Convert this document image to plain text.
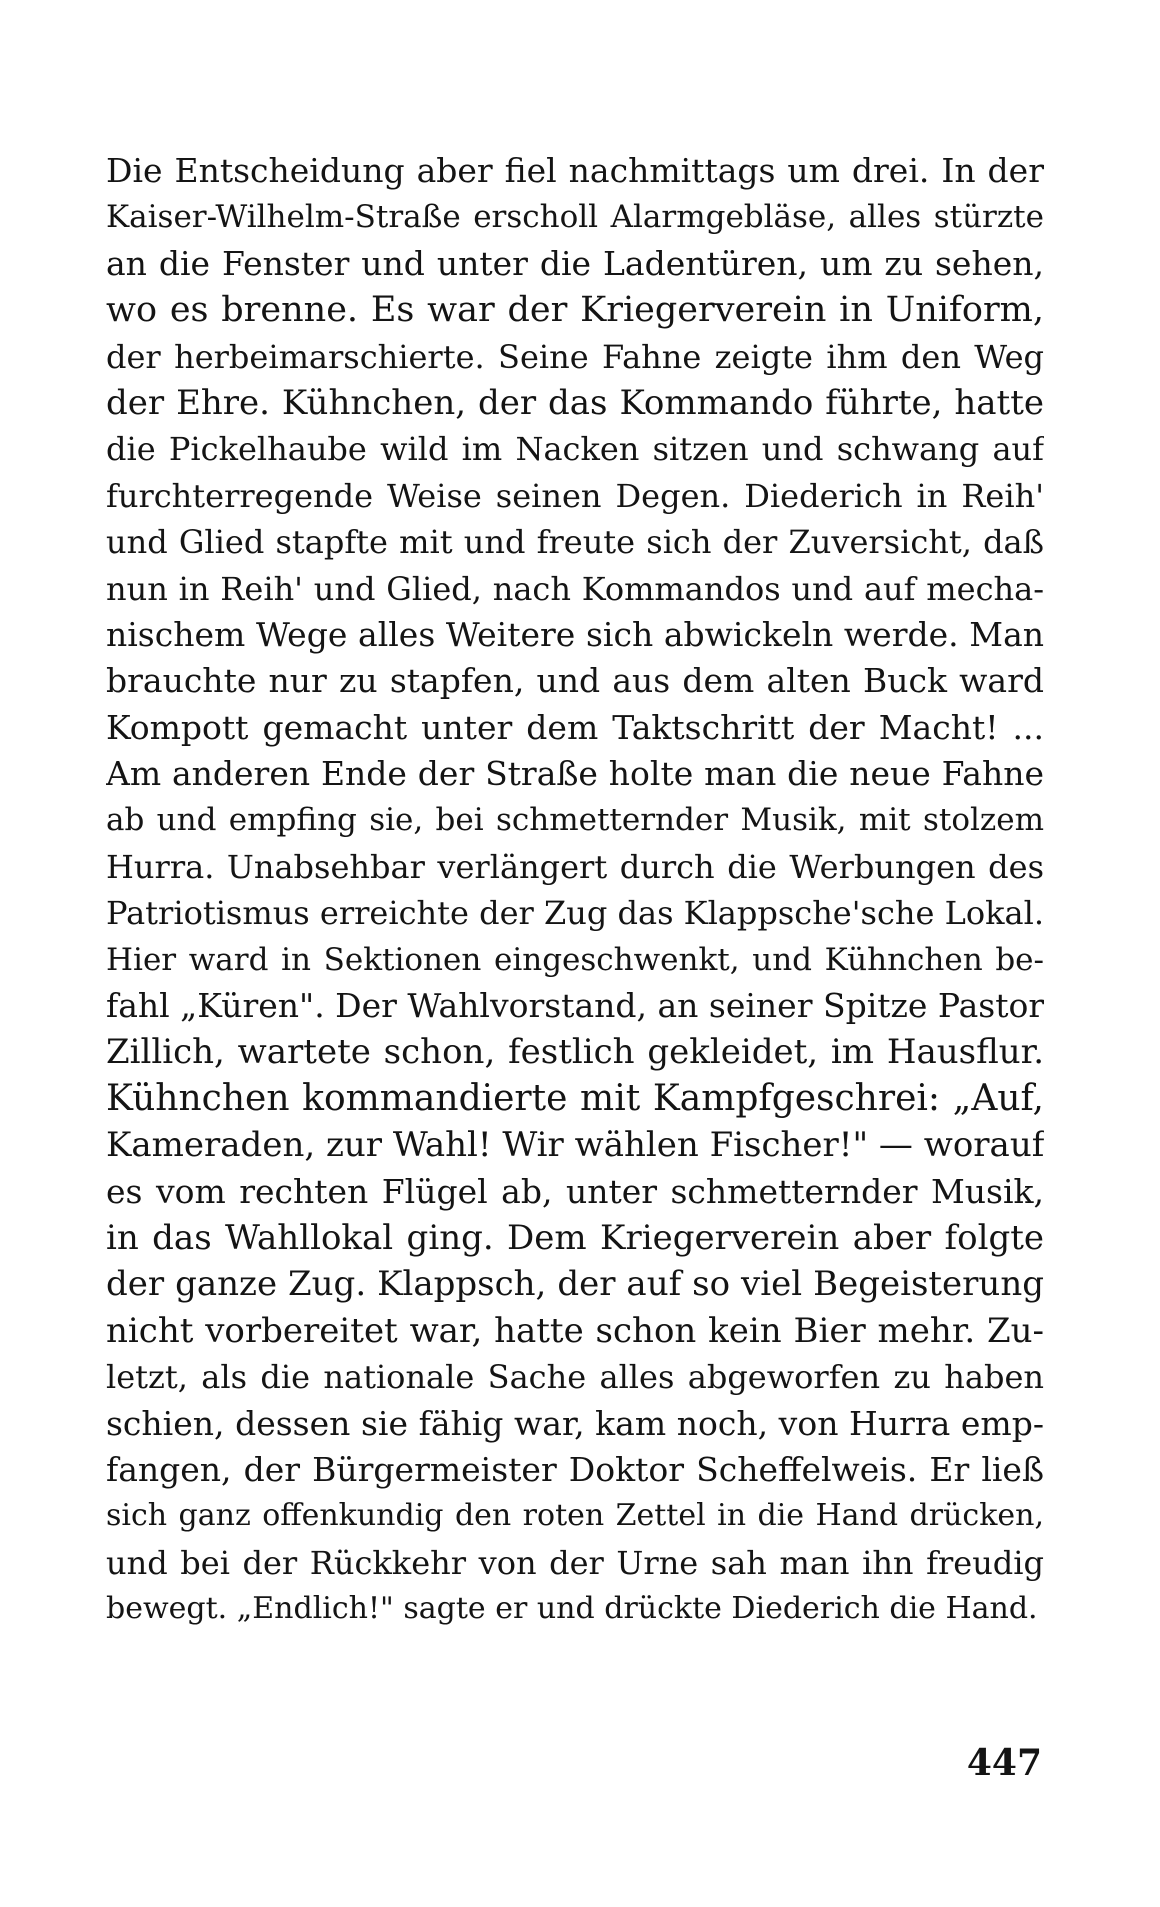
Die Entscheidung aber fiel nachmittags um drei. In der
Kaiser-Wilhelm-Straße erscholl Alarmgebläse, alles stürzte
an die Fenster und unter die Ladentüren, um zu sehen,
wo es brenne. Es war der Kriegerverein in Uniform,
der herbeimarschierte. Seine Fahne zeigte ihm den Weg
der Ehre. Kühnchen, der das Kommando führte, hatte
die Pickelhaube wild im Nacken sitzen und schwang auf
furchterregende Weise seinen Degen. Diederich in Reih'
und Glied stapfte mit und freute sich der Zuversicht, daß
nun in Reih' und Glied, nach Kommandos und auf mecha-
nischem Wege alles Weitere sich abwickeln werde. Man
brauchte nur zu stapfen, und aus dem alten Buck ward
Kompott gemacht unter dem Taktschritt der Macht! ...
Am anderen Ende der Straße holte man die neue Fahne
ab und empfing sie, bei schmetternder Musik, mit stolzem
Hurra. Unabsehbar verlängert durch die Werbungen des
Patriotismus erreichte der Zug das Klappsche'sche Lokal.
Hier ward in Sektionen eingeschwenkt, und Kühnchen be-
fahl „Küren". Der Wahlvorstand, an seiner Spitze Pastor
Zillich, wartete schon, festlich gekleidet, im Hausflur.
Kühnchen kommandierte mit Kampfgeschrei: „Auf,
Kameraden, zur Wahl! Wir wählen Fischer!" — worauf
es vom rechten Flügel ab, unter schmetternder Musik,
in das Wahllokal ging. Dem Kriegerverein aber folgte
der ganze Zug. Klappsch, der auf so viel Begeisterung
nicht vorbereitet war, hatte schon kein Bier mehr. Zu-
letzt, als die nationale Sache alles abgeworfen zu haben
schien, dessen sie fähig war, kam noch, von Hurra emp-
fangen, der Bürgermeister Doktor Scheffelweis. Er ließ
sich ganz offenkundig den roten Zettel in die Hand drücken,
und bei der Rückkehr von der Urne sah man ihn freudig
bewegt. „Endlich!" sagte er und drückte Diederich die Hand.
447
